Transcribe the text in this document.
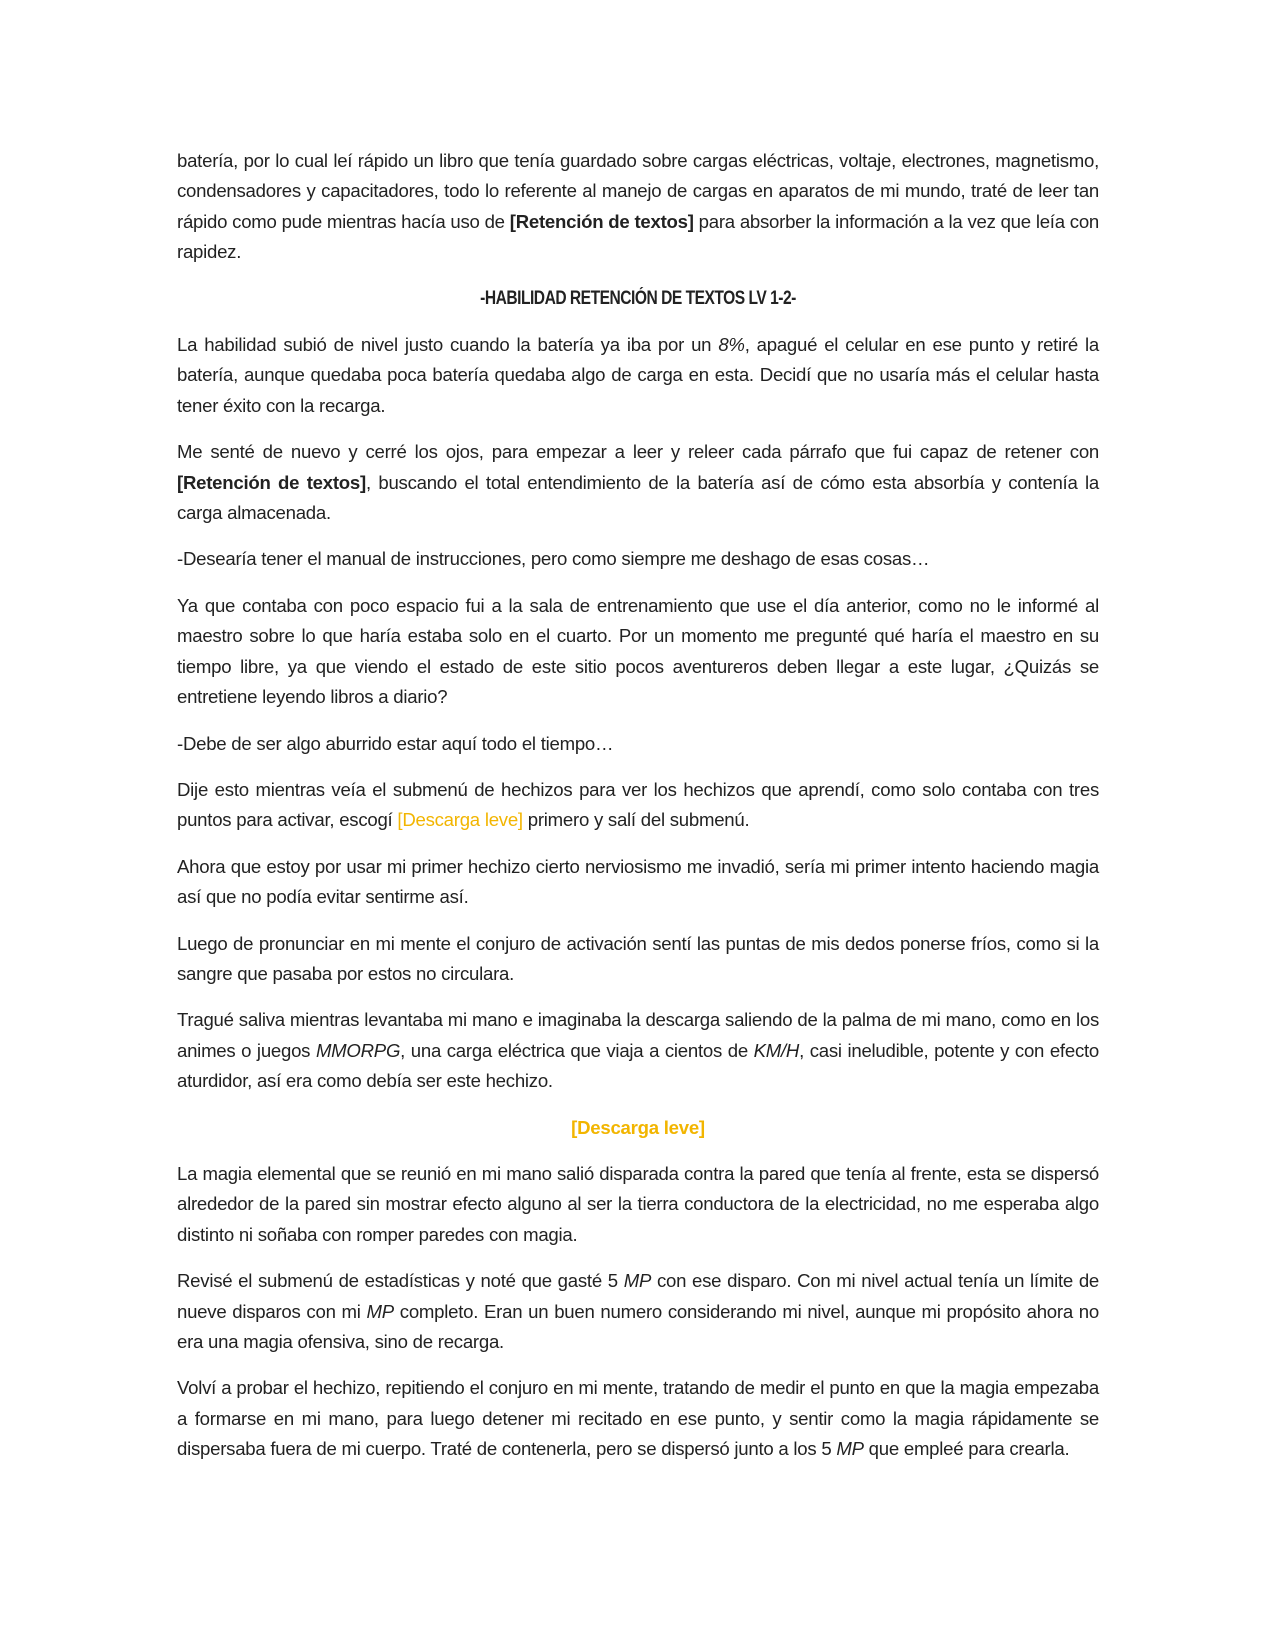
batería, por lo cual leí rápido un libro que tenía guardado sobre cargas eléctricas, voltaje, electrones, magnetismo, condensadores y capacitadores, todo lo referente al manejo de cargas en aparatos de mi mundo, traté de leer tan rápido como pude mientras hacía uso de [Retención de textos] para absorber la información a la vez que leía con rapidez.

-HABILIDAD RETENCIÓN DE TEXTOS LV 1-2-

La habilidad subió de nivel justo cuando la batería ya iba por un 8%, apagué el celular en ese punto y retiré la batería, aunque quedaba poca batería quedaba algo de carga en esta. Decidí que no usaría más el celular hasta tener éxito con la recarga.

Me senté de nuevo y cerré los ojos, para empezar a leer y releer cada párrafo que fui capaz de retener con [Retención de textos], buscando el total entendimiento de la batería así de cómo esta absorbía y contenía la carga almacenada.

-Desearía tener el manual de instrucciones, pero como siempre me deshago de esas cosas…

Ya que contaba con poco espacio fui a la sala de entrenamiento que use el día anterior, como no le informé al maestro sobre lo que haría estaba solo en el cuarto. Por un momento me pregunté qué haría el maestro en su tiempo libre, ya que viendo el estado de este sitio pocos aventureros deben llegar a este lugar, ¿Quizás se entretiene leyendo libros a diario?

-Debe de ser algo aburrido estar aquí todo el tiempo…

Dije esto mientras veía el submenú de hechizos para ver los hechizos que aprendí, como solo contaba con tres puntos para activar, escogí [Descarga leve] primero y salí del submenú.

Ahora que estoy por usar mi primer hechizo cierto nerviosismo me invadió, sería mi primer intento haciendo magia así que no podía evitar sentirme así.

Luego de pronunciar en mi mente el conjuro de activación sentí las puntas de mis dedos ponerse fríos, como si la sangre que pasaba por estos no circulara.

Tragué saliva mientras levantaba mi mano e imaginaba la descarga saliendo de la palma de mi mano, como en los animes o juegos MMORPG, una carga eléctrica que viaja a cientos de KM/H, casi ineludible, potente y con efecto aturdidor, así era como debía ser este hechizo.

[Descarga leve]

La magia elemental que se reunió en mi mano salió disparada contra la pared que tenía al frente, esta se dispersó alrededor de la pared sin mostrar efecto alguno al ser la tierra conductora de la electricidad, no me esperaba algo distinto ni soñaba con romper paredes con magia.

Revisé el submenú de estadísticas y noté que gasté 5 MP con ese disparo. Con mi nivel actual tenía un límite de nueve disparos con mi MP completo. Eran un buen numero considerando mi nivel, aunque mi propósito ahora no era una magia ofensiva, sino de recarga.

Volví a probar el hechizo, repitiendo el conjuro en mi mente, tratando de medir el punto en que la magia empezaba a formarse en mi mano, para luego detener mi recitado en ese punto, y sentir como la magia rápidamente se dispersaba fuera de mi cuerpo. Traté de contenerla, pero se dispersó junto a los 5 MP que empleé para crearla.
